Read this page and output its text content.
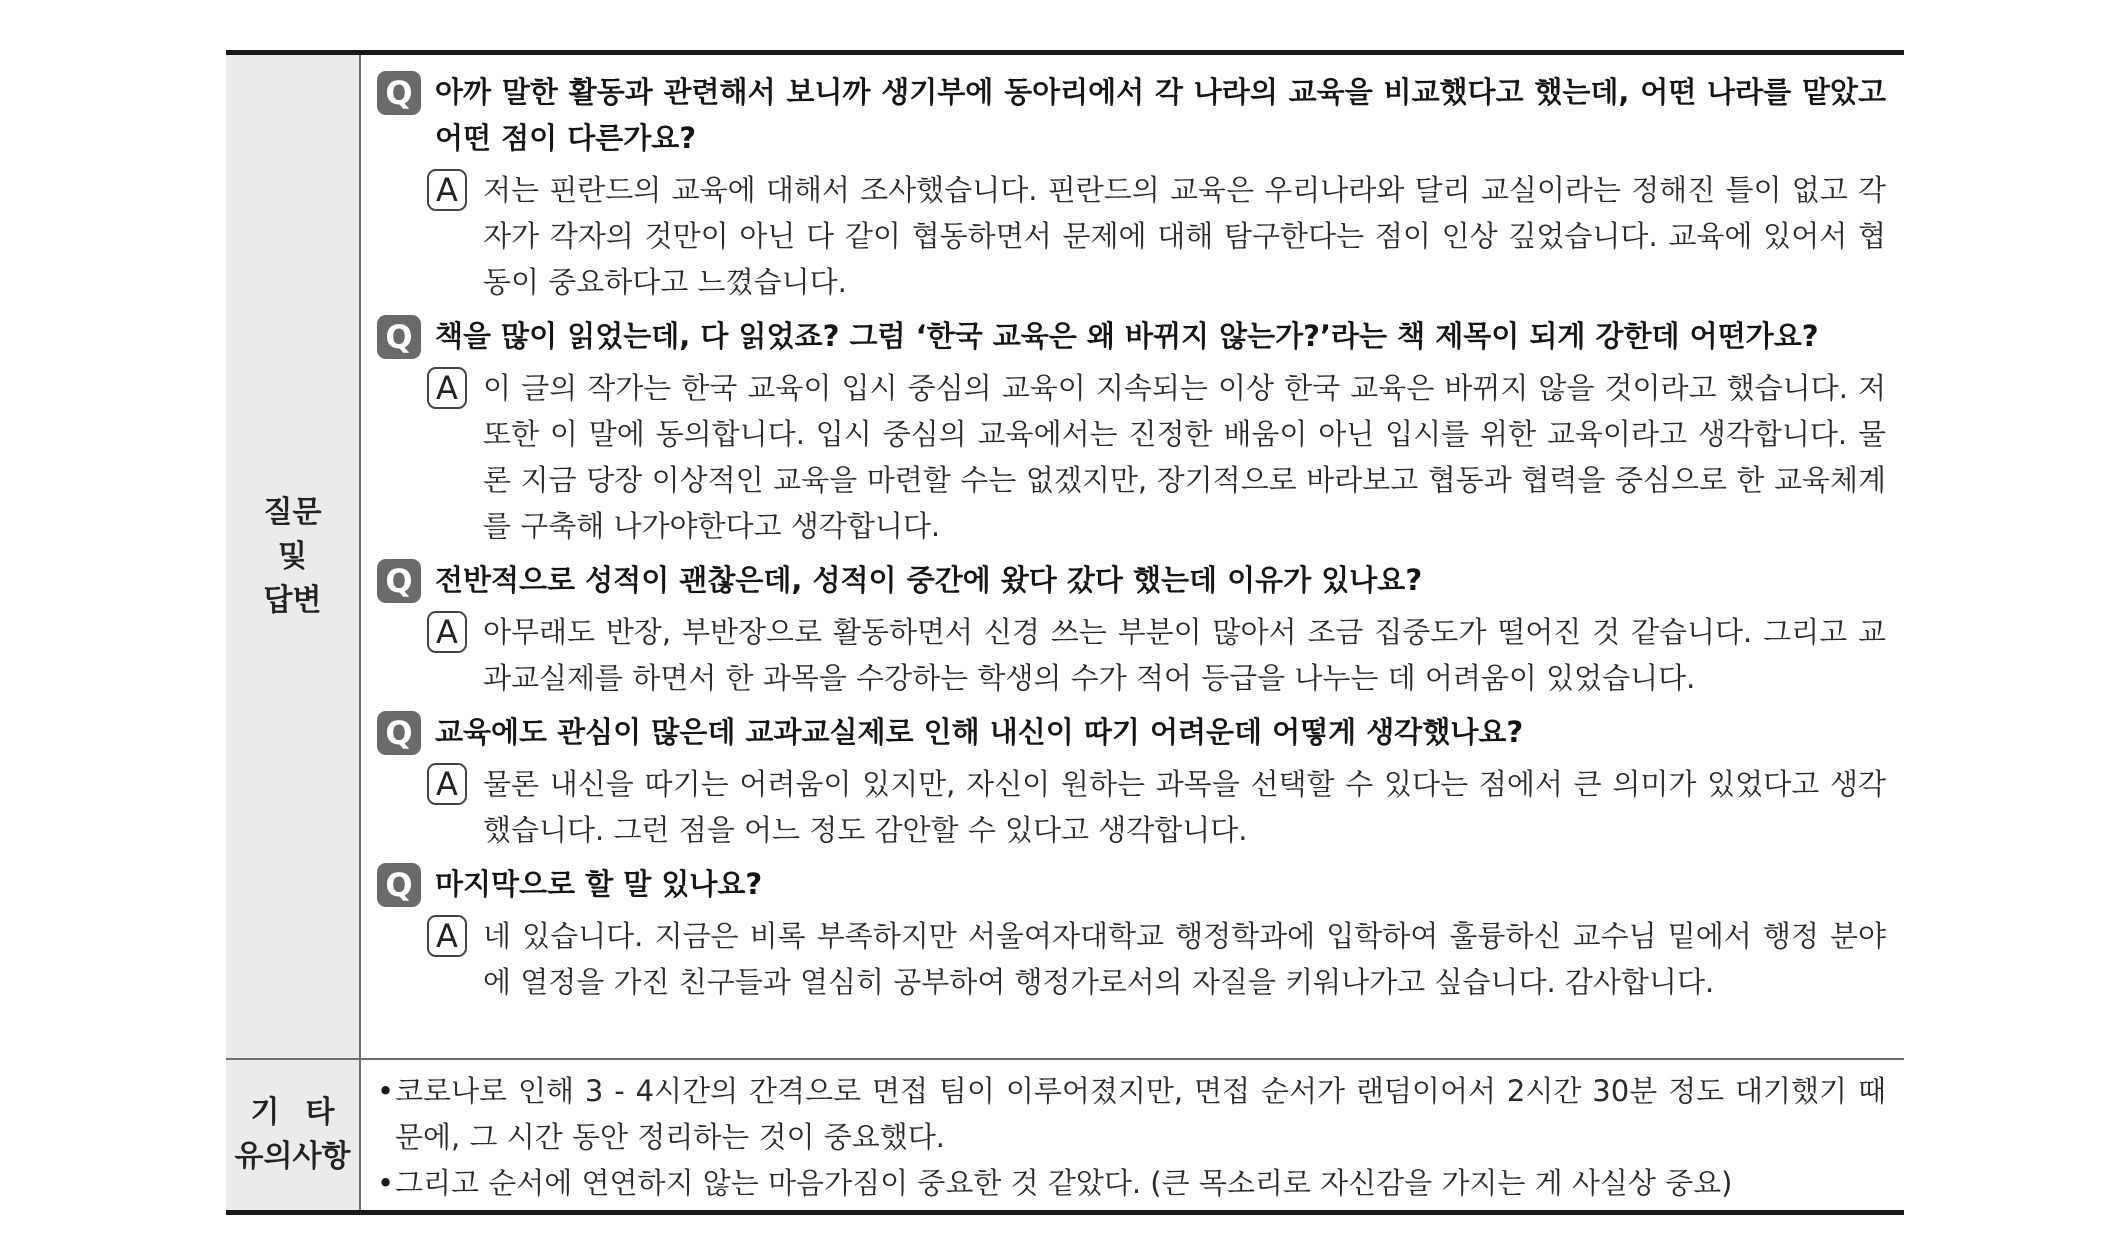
질문
및
답변
Q 아까 말한 활동과 관련해서 보니까 생기부에 동아리에서 각 나라의 교육을 비교했다고 했는데, 어떤 나라를 맡았고 어떤 점이 다른가요?
A 저는 핀란드의 교육에 대해서 조사했습니다. 핀란드의 교육은 우리나라와 달리 교실이라는 정해진 틀이 없고 각자가 각자의 것만이 아닌 다 같이 협동하면서 문제에 대해 탐구한다는 점이 인상 깊었습니다. 교육에 있어서 협동이 중요하다고 느꼈습니다.
Q 책을 많이 읽었는데, 다 읽었죠? 그럼 ‘한국 교육은 왜 바뀌지 않는가?’라는 책 제목이 되게 강한데 어떤가요?
A 이 글의 작가는 한국 교육이 입시 중심의 교육이 지속되는 이상 한국 교육은 바뀌지 않을 것이라고 했습니다. 저 또한 이 말에 동의합니다. 입시 중심의 교육에서는 진정한 배움이 아닌 입시를 위한 교육이라고 생각합니다. 물론 지금 당장 이상적인 교육을 마련할 수는 없겠지만, 장기적으로 바라보고 협동과 협력을 중심으로 한 교육체계를 구축해 나가야한다고 생각합니다.
Q 전반적으로 성적이 괜찮은데, 성적이 중간에 왔다 갔다 했는데 이유가 있나요?
A 아무래도 반장, 부반장으로 활동하면서 신경 쓰는 부분이 많아서 조금 집중도가 떨어진 것 같습니다. 그리고 교과교실제를 하면서 한 과목을 수강하는 학생의 수가 적어 등급을 나누는 데 어려움이 있었습니다.
Q 교육에도 관심이 많은데 교과교실제로 인해 내신이 따기 어려운데 어떻게 생각했나요?
A 물론 내신을 따기는 어려움이 있지만, 자신이 원하는 과목을 선택할 수 있다는 점에서 큰 의미가 있었다고 생각했습니다. 그런 점을 어느 정도 감안할 수 있다고 생각합니다.
Q 마지막으로 할 말 있나요?
A 네 있습니다. 지금은 비록 부족하지만 서울여자대학교 행정학과에 입학하여 훌륭하신 교수님 밑에서 행정 분야에 열정을 가진 친구들과 열심히 공부하여 행정가로서의 자질을 키워나가고 싶습니다. 감사합니다.
기 타
유의사항
• 코로나로 인해 3 - 4시간의 간격으로 면접 팀이 이루어졌지만, 면접 순서가 랜덤이어서 2시간 30분 정도 대기했기 때문에, 그 시간 동안 정리하는 것이 중요했다.
• 그리고 순서에 연연하지 않는 마음가짐이 중요한 것 같았다. (큰 목소리로 자신감을 가지는 게 사실상 중요)
